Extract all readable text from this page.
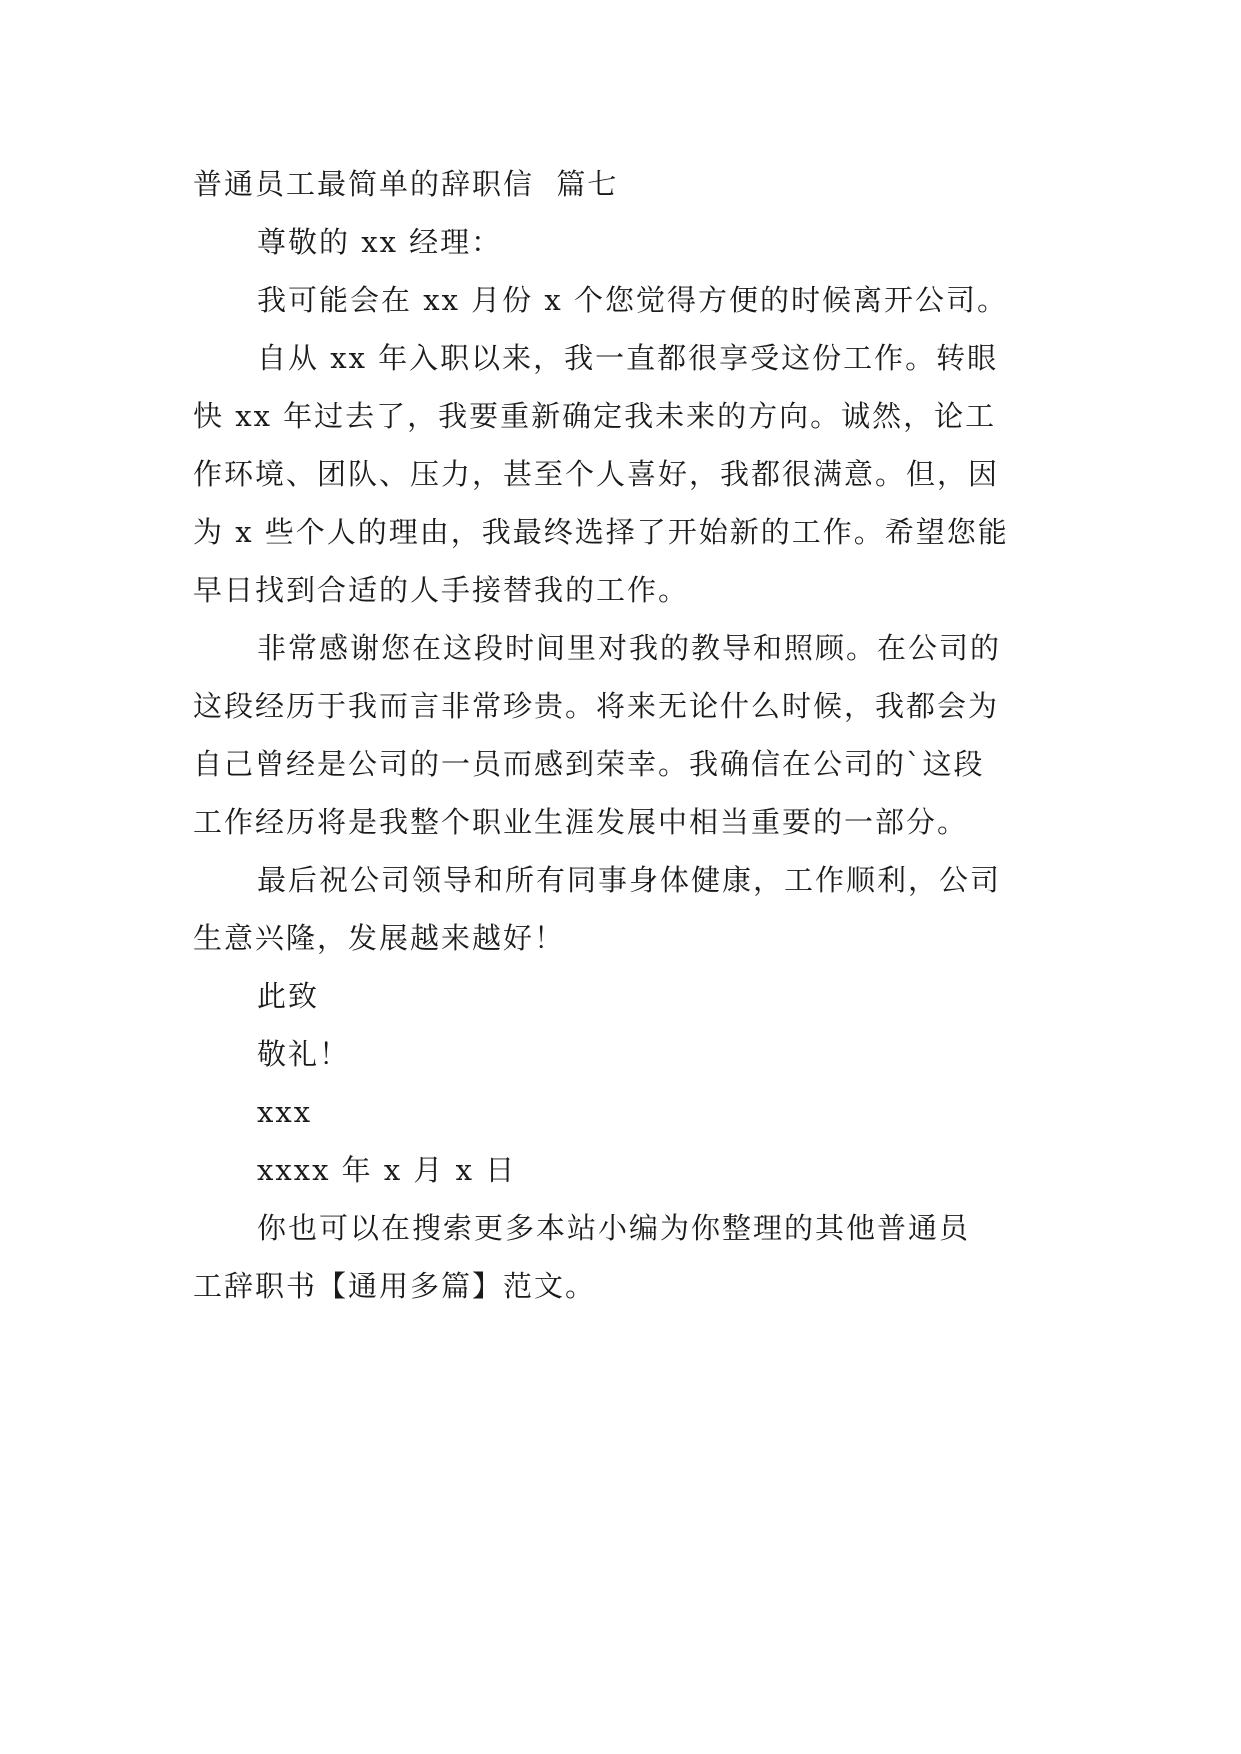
普通员工最简单的辞职信  篇七

尊敬的 xx 经理：

我可能会在 xx 月份 x 个您觉得方便的时候离开公司。

自从 xx 年入职以来，我一直都很享受这份工作。转眼

快 xx 年过去了，我要重新确定我未来的方向。诚然，论工

作环境、团队、压力，甚至个人喜好，我都很满意。但，因

为 x 些个人的理由，我最终选择了开始新的工作。希望您能

早日找到合适的人手接替我的工作。

非常感谢您在这段时间里对我的教导和照顾。在公司的

这段经历于我而言非常珍贵。将来无论什么时候，我都会为

自己曾经是公司的一员而感到荣幸。我确信在公司的`这段

工作经历将是我整个职业生涯发展中相当重要的一部分。

最后祝公司领导和所有同事身体健康，工作顺利，公司

生意兴隆，发展越来越好！

此致

敬礼！

xxx

xxxx 年 x 月 x 日

你也可以在搜索更多本站小编为你整理的其他普通员

工辞职书【通用多篇】范文。
